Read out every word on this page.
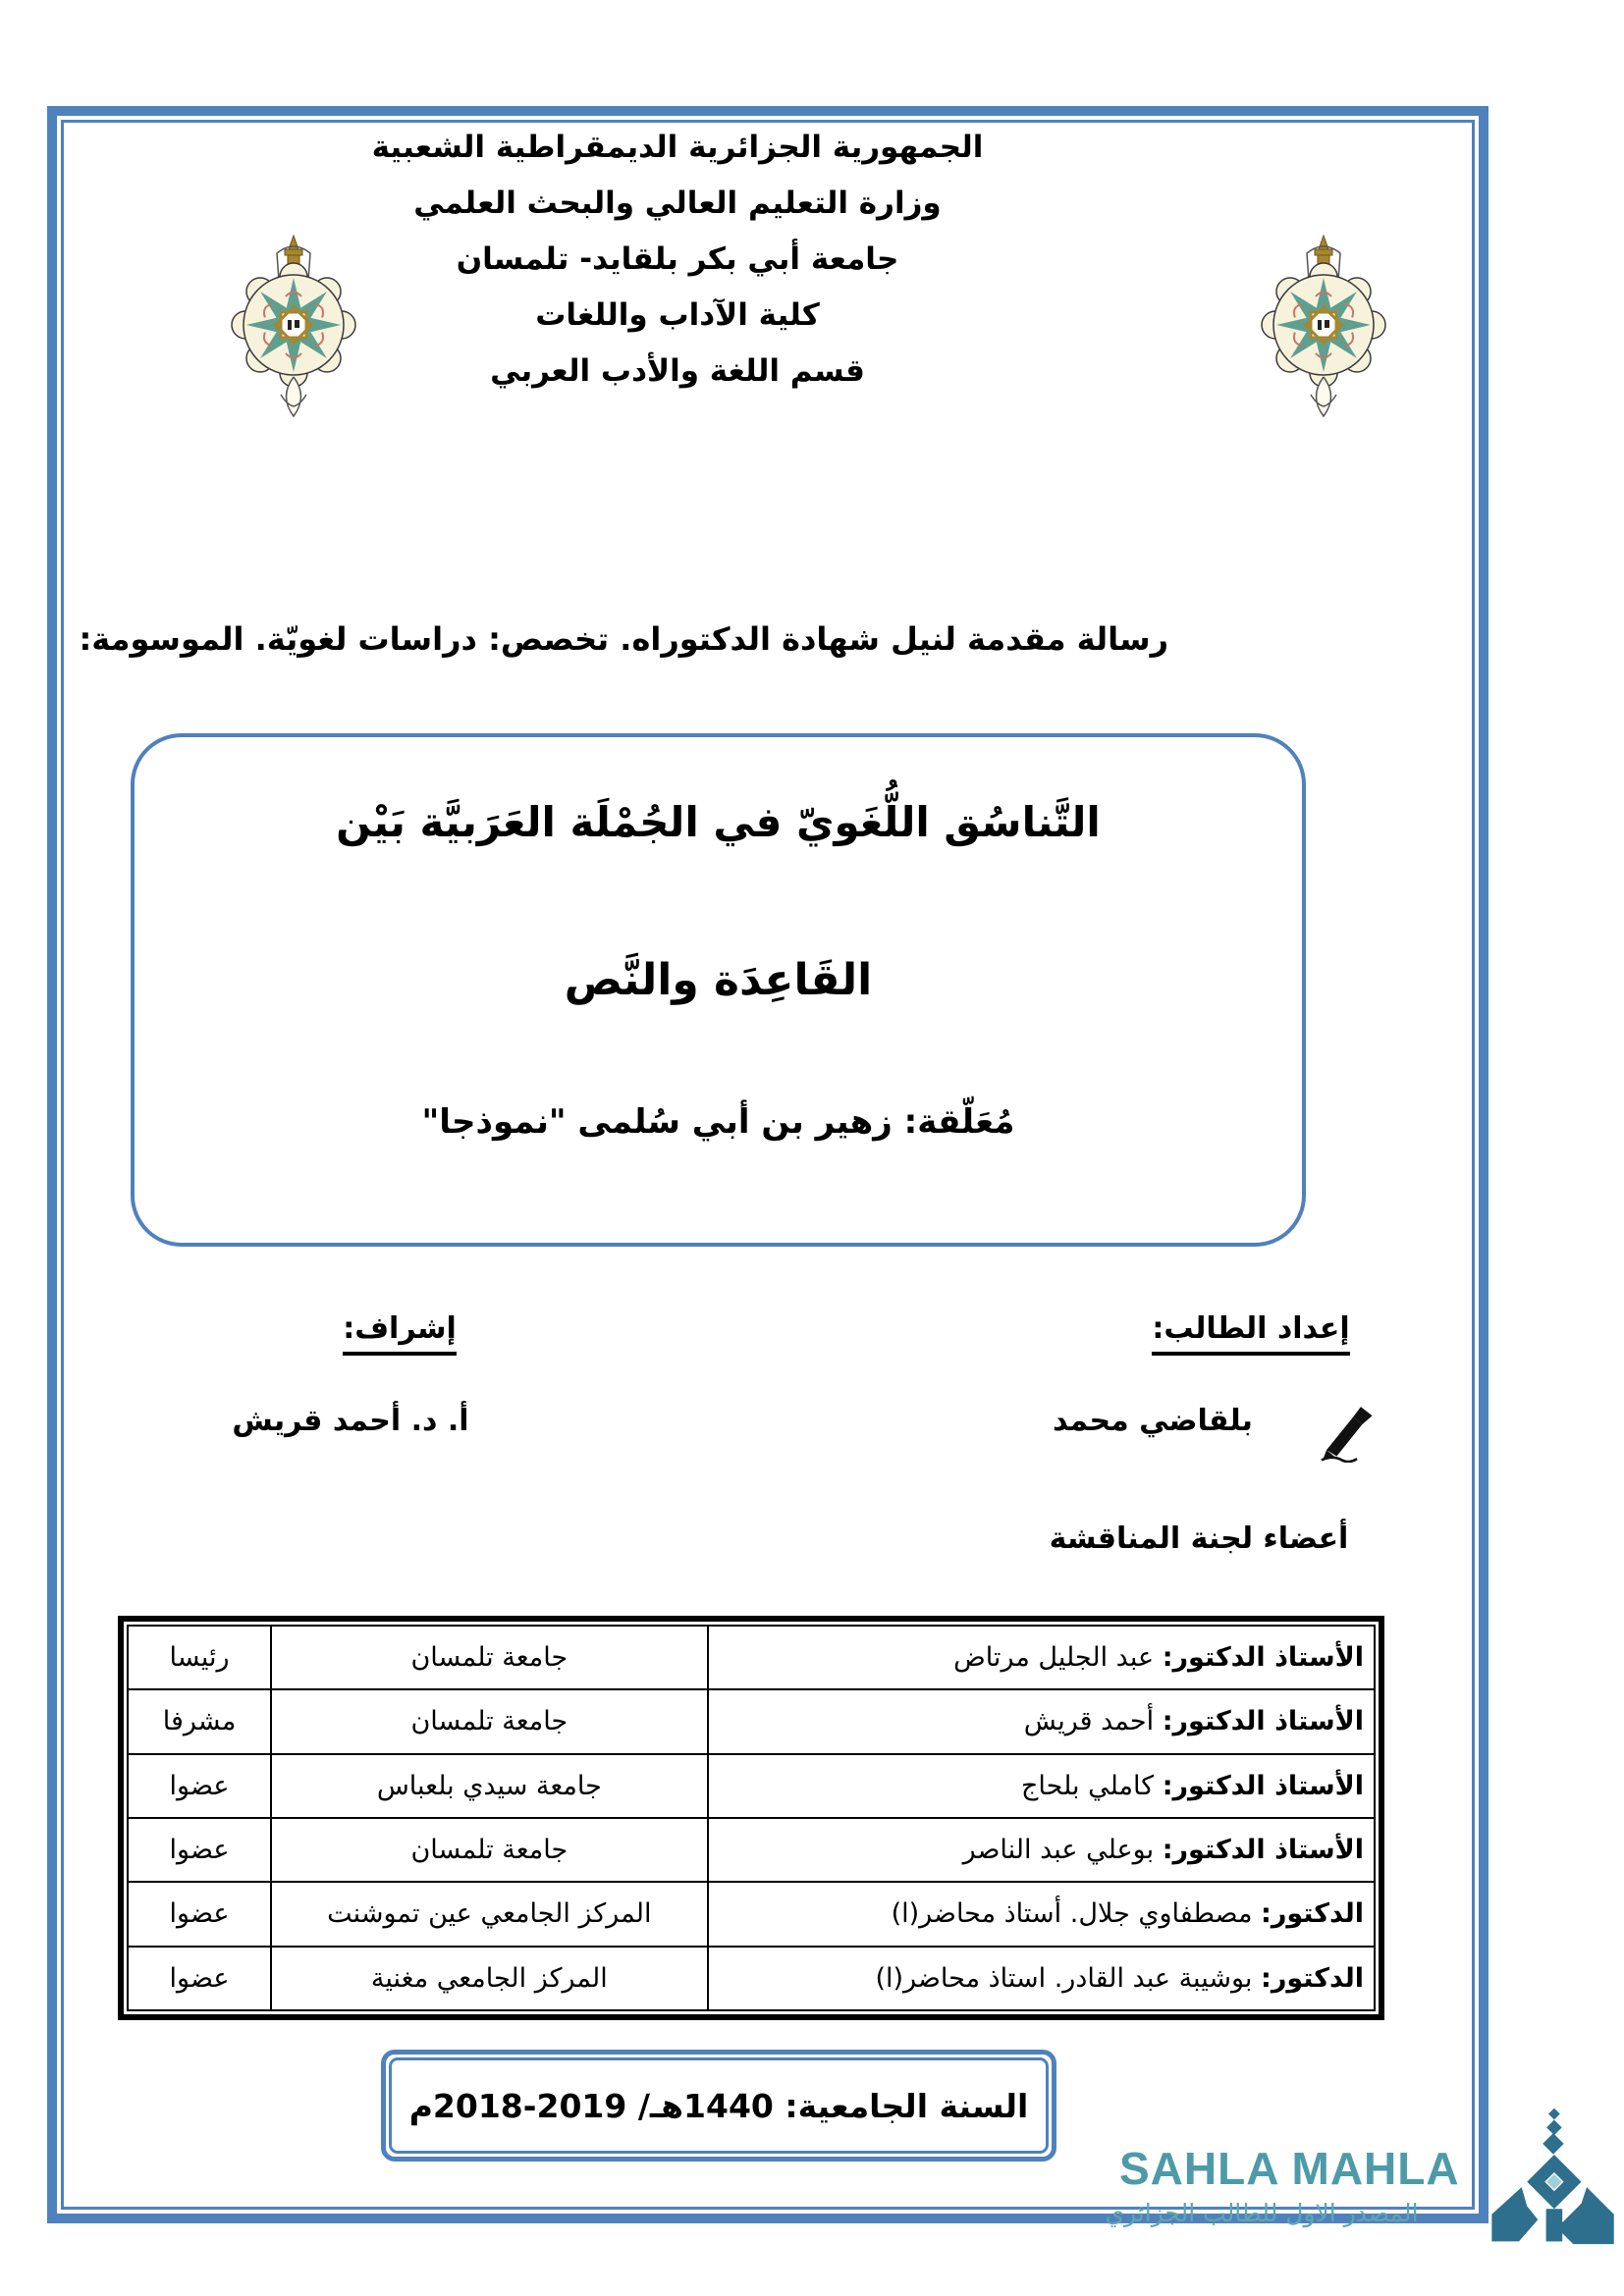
الجمهورية الجزائرية الديمقراطية الشعبية
وزارة التعليم العالي والبحث العلمي
جامعة أبي بكر بلقايد- تلمسان
كلية الآداب واللغات
قسم اللغة والأدب العربي
رسالة مقدمة لنيل شهادة الدكتوراه. تخصص: دراسات لغويّة. الموسومة:
التَّناسُق اللُّغَويّ في الجُمْلَة العَرَبيَّة بَيْن
القَاعِدَة والنَّص
مُعَلّقة: زهير بن أبي سُلمى "نموذجا"
إعداد الطالب:
بلقاضي محمد
إشراف:
أ. د. أحمد قريش
أعضاء لجنة المناقشة
الأستاذ الدكتور: عبد الجليل مرتاض	جامعة تلمسان	رئيسا
الأستاذ الدكتور: أحمد قريش	جامعة تلمسان	مشرفا
الأستاذ الدكتور: كاملي بلحاج	جامعة سيدي بلعباس	عضوا
الأستاذ الدكتور: بوعلي عبد الناصر	جامعة تلمسان	عضوا
الدكتور: مصطفاوي جلال. أستاذ محاضر(ا)	المركز الجامعي عين تموشنت	عضوا
الدكتور: بوشيبة عبد القادر. استاذ محاضر(ا)	المركز الجامعي مغنية	عضوا
السنة الجامعية: 1440هـ/ 2019-2018م
SAHLA MAHLA
المصدر الاول للطالب الجزائري
